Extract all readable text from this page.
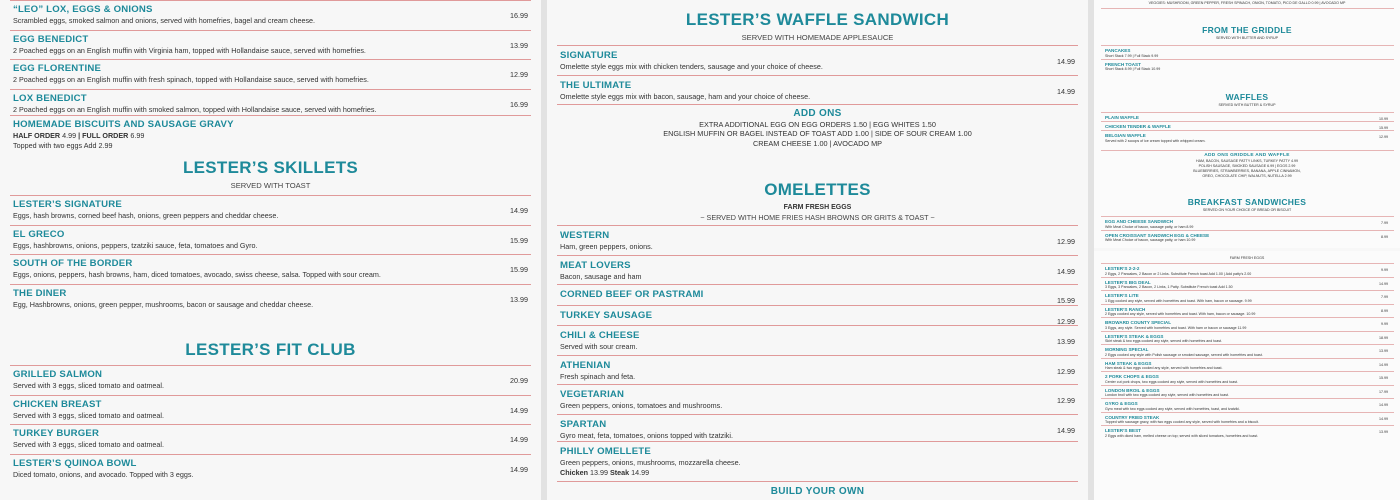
“LEO” LOX, EGGS & ONIONS
Scrambled eggs, smoked salmon and onions, served with homefries, bagel and cream cheese.
16.99
EGG BENEDICT
2 Poached eggs on an English muffin with Virginia ham, topped with Hollandaise sauce, served with homefries.
13.99
EGG FLORENTINE
2 Poached eggs on an English muffin with fresh spinach, topped with Hollandaise sauce, served with homefries.
12.99
LOX BENEDICT
2 Poached eggs on an English muffin with smoked salmon, topped with Hollandaise sauce, served with homefries.
16.99
HOMEMADE BISCUITS AND SAUSAGE GRAVY
HALF ORDER 4.99 | FULL ORDER 6.99
Topped with two eggs Add 2.99
LESTER’S SKILLETS
SERVED WITH TOAST
LESTER’S SIGNATURE
Eggs, hash browns, corned beef hash, onions, green peppers and cheddar cheese.
14.99
EL GRECO
Eggs, hashbrowns, onions, peppers, tzatziki sauce, feta, tomatoes and Gyro.
15.99
SOUTH OF THE BORDER
Eggs, onions, peppers, hash browns, ham, diced tomatoes, avocado, swiss cheese, salsa. Topped with sour cream.
15.99
THE DINER
Egg, Hashbrowns, onions, green pepper, mushrooms, bacon or sausage and cheddar cheese.
13.99
LESTER’S FIT CLUB
GRILLED SALMON
Served with 3 eggs, sliced tomato and oatmeal.
20.99
CHICKEN BREAST
Served with 3 eggs, sliced tomato and oatmeal.
14.99
TURKEY BURGER
Served with 3 eggs, sliced tomato and oatmeal.
14.99
LESTER’S QUINOA BOWL
Diced tomato, onions, and avocado. Topped with 3 eggs.
14.99
LESTER’S WAFFLE SANDWICH
SERVED WITH HOMEMADE APPLESAUCE
SIGNATURE
Omelette style eggs mix with chicken tenders, sausage and your choice of cheese.
14.99
THE ULTIMATE
Omelette style eggs mix with bacon, sausage, ham and your choice of cheese.
14.99
ADD ONS
EXTRA ADDITIONAL EGG ON EGG ORDERS 1.50 | EGG WHITES 1.50
ENGLISH MUFFIN OR BAGEL INSTEAD OF TOAST ADD 1.00 | SIDE OF SOUR CREAM 1.00
CREAM CHEESE 1.00 | AVOCADO MP
OMELETTES
FARM FRESH EGGS
~ SERVED WITH HOME FRIES HASH BROWNS OR GRITS & TOAST ~
WESTERN
Ham, green peppers, onions.
12.99
MEAT LOVERS
Bacon, sausage and ham
14.99
CORNED BEEF OR PASTRAMI
15.99
TURKEY SAUSAGE
12.99
CHILI & CHEESE
Served with sour cream.
13.99
ATHENIAN
Fresh spinach and feta.
12.99
VEGETARIAN
Green peppers, onions, tomatoes and mushrooms.
12.99
SPARTAN
Gyro meat, feta, tomatoes, onions topped with tzatziki.
14.99
PHILLY OMELLETE
Green peppers, onions, mushrooms, mozzarella cheese.
Chicken 13.99 Steak 14.99
BUILD YOUR OWN
VEGGIES: MUSHROOM, GREEN PEPPER, FRESH SPINACH, ONION, TOMATO, PICO DE GALLO 0.99 | AVOCADO MP
FROM THE GRIDDLE
SERVED WITH BUTTER AND SYRUP
PANCAKES
Short Stack 7.99 | Full Stack 9.99
FRENCH TOAST
Short Stack 8.99 | Full Stack 10.99
WAFFLES
SERVED WITH BUTTER & SYRUP
PLAIN WAFFLE	10.99
CHICKEN TENDER & WAFFLE	15.99
BELGIAN WAFFLE
Served with 2 scoops of ice cream topped with whipped cream.
12.99
ADD ONS GRIDDLE AND WAFFLE
HAM, BACON, SAUSAGE PATTY LINKS, TURKEY PATTY 4.99
POLISH SAUSAGE, SMOKED SAUSAGE 6.99 | EGGS 2.99
BLUEBERRIES, STRAWBERRIES, BANANA, APPLE CINNAMON,
OREO, CHOCOLATE CHIP, WALNUTS, NUTELLA 2.99
BREAKFAST SANDWICHES
SERVED ON YOUR CHOICE OF BREAD OR BISCUIT
EGG AND CHEESE SANDWICH
With Meat Choice of bacon, sausage patty, or ham 8.99
7.99
OPEN CROISSANT SANDWICH EGG & CHEESE
With Meat Choice of bacon, sausage patty, or ham 10.99
8.99
FARM FRESH EGGS
LESTER’S 2-2-2
2 Eggs, 2 Pancakes, 2 Bacon or 2 Links. Substitute French toast Add 1.00 | Add patty's 2.00
9.99
LESTER’S BIG DEAL
3 Eggs, 3 Pancakes, 2 Bacon, 2 Links, 1 Patty. Substitute French toast Add 1.50
14.99
LESTER’S LITE
1 Egg cooked any style, served with homefries and toast. With ham, bacon or sausage. 9.99
7.99
LESTER’S RANCH
2 Eggs cooked any style, served with homefries and toast. With ham, bacon or sausage. 10.99
8.99
BROWARD COUNTY SPECIAL
3 Eggs, any style. Served with homefries and toast. With ham or bacon or sausage 11.99
9.99
LESTER’S STEAK & EGGS
Skirt steak & two eggs cooked any style, served with homefries and toast.
18.99
MORNING SPECIAL
2 Eggs cooked any style with Polish sausage or smoked sausage, served with homefries and toast.
13.99
HAM STEAK & EGGS
Ham steak & two eggs cooked any style, served with homefries and toast.
14.99
2 PORK CHOPS & EGGS
Center cut pork chops, two eggs cooked any style, served with homefries and toast.
15.99
LONDON BROIL & EGGS
London broil with two eggs cooked any style, served with homefries and toast.
17.99
GYRO & EGGS
Gyro meat with two eggs cooked any style, served with homefries, toast, and tzatziki.
14.99
COUNTRY FRIED STEAK
Topped with sausage gravy, with two eggs cooked any style, served with homefries and a biscuit.
14.99
LESTER’S BEST
2 Eggs with diced ham, melted cheese on top; served with sliced tomatoes, homefries and toast.
13.99
